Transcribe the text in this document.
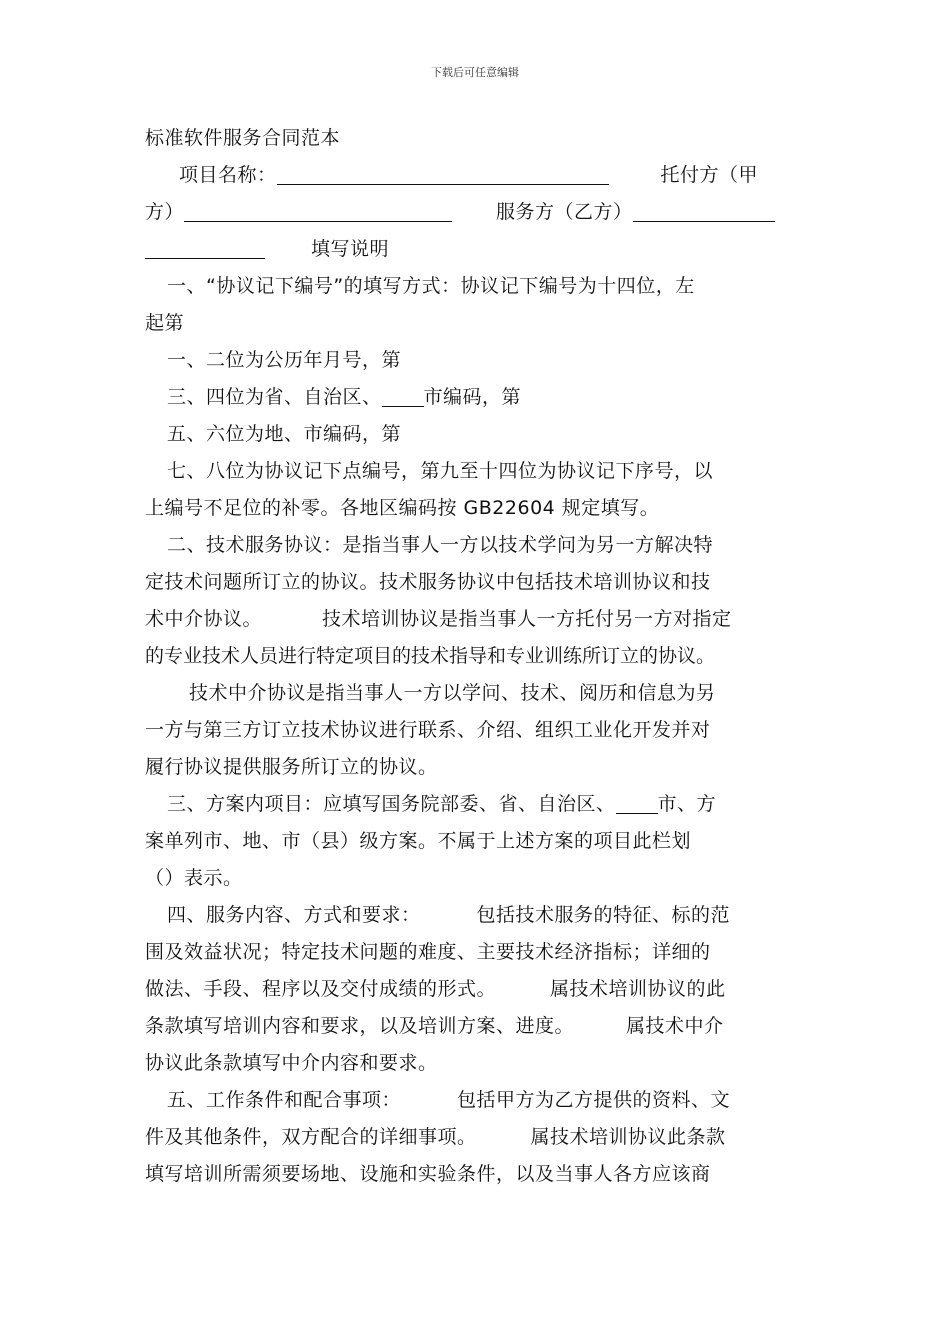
下载后可任意编辑
标准软件服务合同范本
项目名称：	托付方（甲
方）	服务方（乙方）
填写说明
一、“协议记下编号”的填写方式：协议记下编号为十四位，左
起第
一、二位为公历年月号，第
三、四位为省、自治区、 市编码，第
五、六位为地、市编码，第
七、八位为协议记下点编号，第九至十四位为协议记下序号，以
上编号不足位的补零。各地区编码按 GB22604 规定填写。
二、技术服务协议：是指当事人一方以技术学问为另一方解决特
定技术问题所订立的协议。技术服务协议中包括技术培训协议和技
术中介协议。	技术培训协议是指当事人一方托付另一方对指定
的专业技术人员进行特定项目的技术指导和专业训练所订立的协议。
技术中介协议是指当事人一方以学问、技术、阅历和信息为另
一方与第三方订立技术协议进行联系、介绍、组织工业化开发并对
履行协议提供服务所订立的协议。
三、方案内项目：应填写国务院部委、省、自治区、 市、方
案单列市、地、市（县）级方案。不属于上述方案的项目此栏划
（）表示。
四、服务内容、方式和要求：	包括技术服务的特征、标的范
围及效益状况；特定技术问题的难度、主要技术经济指标；详细的
做法、手段、程序以及交付成绩的形式。	属技术培训协议的此
条款填写培训内容和要求，以及培训方案、进度。	属技术中介
协议此条款填写中介内容和要求。
五、工作条件和配合事项：	包括甲方为乙方提供的资料、文
件及其他条件，双方配合的详细事项。	属技术培训协议此条款
填写培训所需须要场地、设施和实验条件，以及当事人各方应该商
